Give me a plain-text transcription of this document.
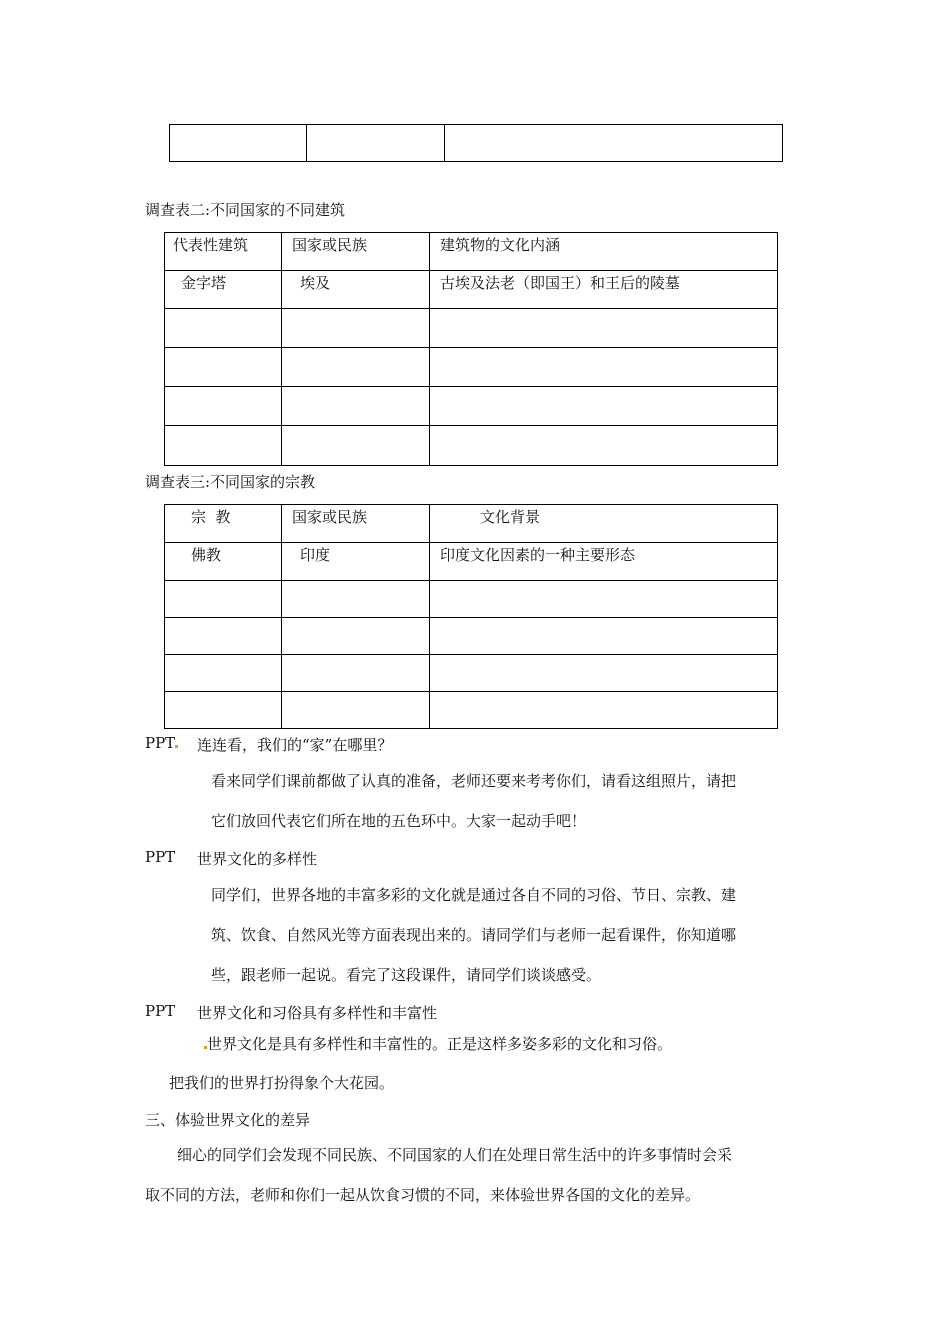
调查表二:不同国家的不同建筑
代表性建筑	国家或民族	建筑物的文化内涵
金字塔	埃及	古埃及法老（即国王）和王后的陵墓

调查表三:不同国家的宗教
宗  教	国家或民族	文化背景
佛教	印度	印度文化因素的一种主要形态

PPT 连连看，我们的“家”在哪里？
看来同学们课前都做了认真的准备，老师还要来考考你们，请看这组照片，请把
它们放回代表它们所在地的五色环中。大家一起动手吧！
PPT 世界文化的多样性
同学们，世界各地的丰富多彩的文化就是通过各自不同的习俗、节日、宗教、建
筑、饮食、自然风光等方面表现出来的。请同学们与老师一起看课件，你知道哪
些，跟老师一起说。看完了这段课件，请同学们谈谈感受。
PPT 世界文化和习俗具有多样性和丰富性
世界文化是具有多样性和丰富性的。正是这样多姿多彩的文化和习俗。
把我们的世界打扮得象个大花园。
三、体验世界文化的差异
细心的同学们会发现不同民族、不同国家的人们在处理日常生活中的许多事情时会采
取不同的方法，老师和你们一起从饮食习惯的不同，来体验世界各国的文化的差异。
